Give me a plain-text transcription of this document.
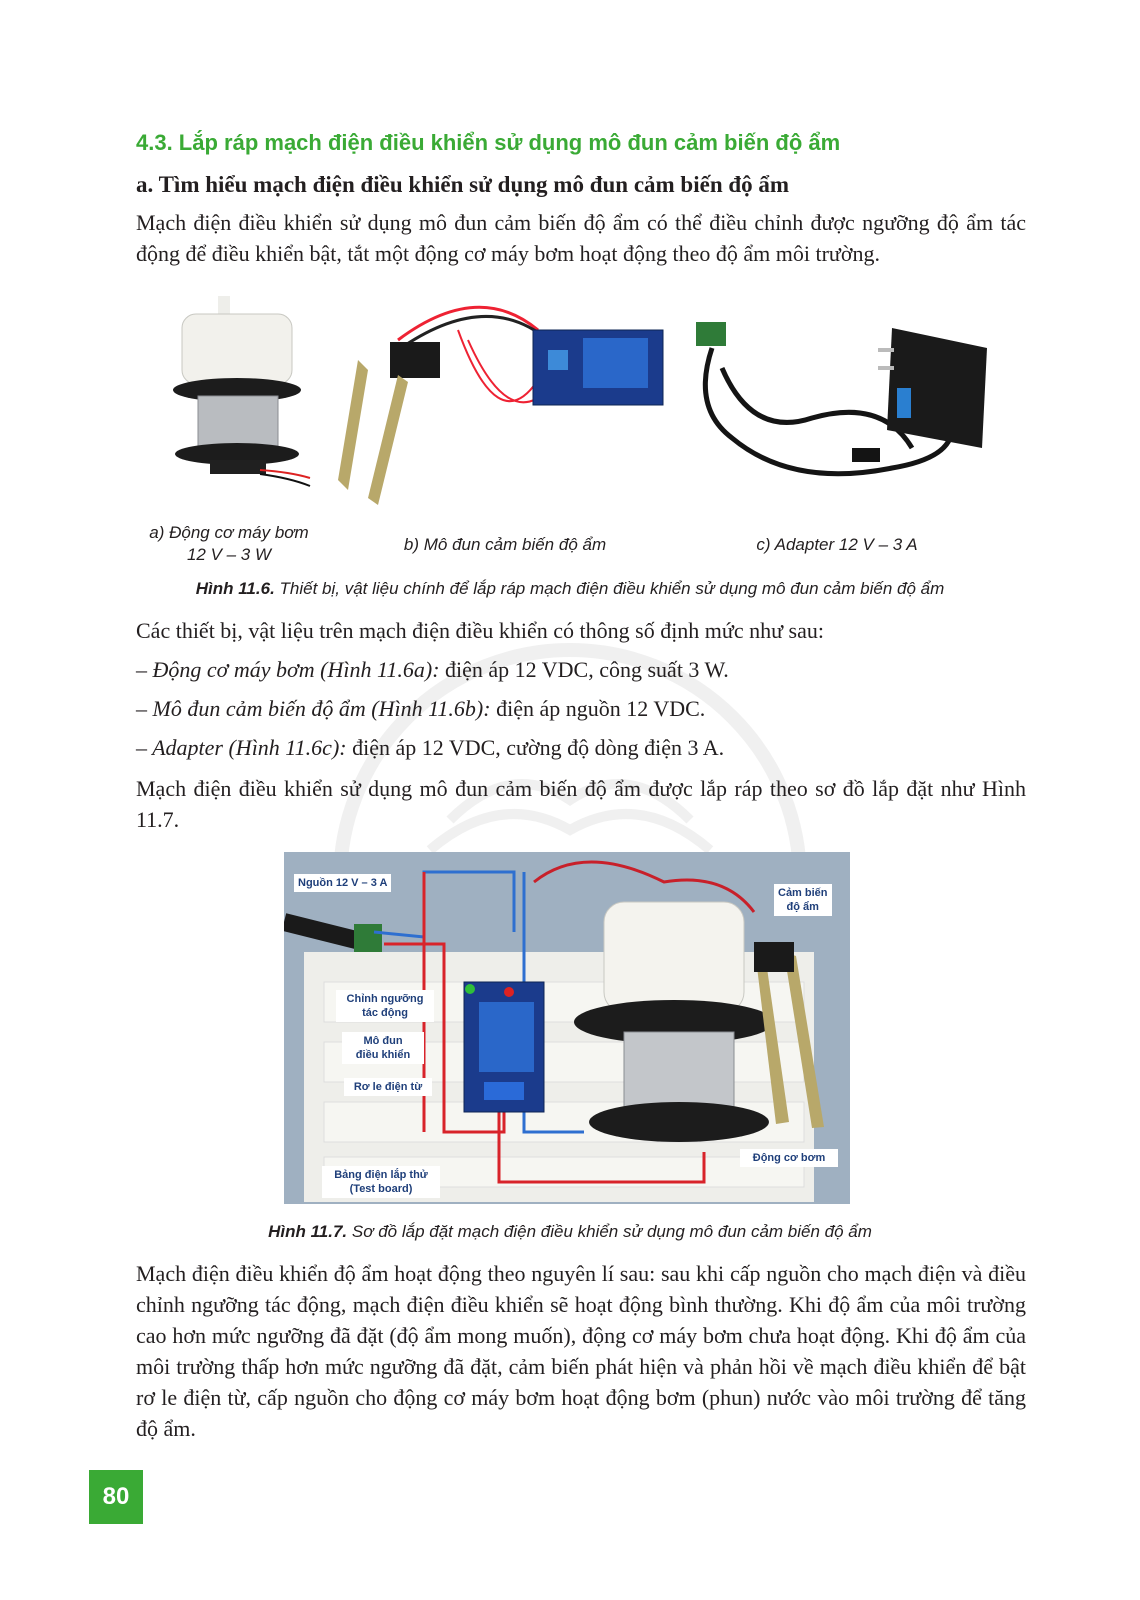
4.3. Lắp ráp mạch điện điều khiển sử dụng mô đun cảm biến độ ẩm
a. Tìm hiểu mạch điện điều khiển sử dụng mô đun cảm biến độ ẩm

Mạch điện điều khiển sử dụng mô đun cảm biến độ ẩm có thể điều chỉnh được ngưỡng độ ẩm tác động để điều khiển bật, tắt một động cơ máy bơm hoạt động theo độ ẩm môi trường.

a) Động cơ máy bơm
12 V – 3 W
b) Mô đun cảm biến độ ẩm	c) Adapter 12 V – 3 A
Hình 11.6. Thiết bị, vật liệu chính để lắp ráp mạch điện điều khiển sử dụng mô đun cảm biến độ ẩm

Các thiết bị, vật liệu trên mạch điện điều khiển có thông số định mức như sau:

– Động cơ máy bơm (Hình 11.6a): điện áp 12 VDC, công suất 3 W.

– Mô đun cảm biến độ ẩm (Hình 11.6b): điện áp nguồn 12 VDC.

– Adapter (Hình 11.6c): điện áp 12 VDC, cường độ dòng điện 3 A.

Mạch điện điều khiển sử dụng mô đun cảm biến độ ẩm được lắp ráp theo sơ đồ lắp đặt như Hình 11.7.

Nguồn 12 V – 3 A
Cảm biến
độ ẩm
Chỉnh ngưỡng
tác động
Mô đun
điều khiển
Rơ le điện từ
Động cơ bơm
Bảng điện lắp thử
(Test board)
Hình 11.7. Sơ đồ lắp đặt mạch điện điều khiển sử dụng mô đun cảm biến độ ẩm

Mạch điện điều khiển độ ẩm hoạt động theo nguyên lí sau: sau khi cấp nguồn cho mạch điện và điều chỉnh ngưỡng tác động, mạch điện điều khiển sẽ hoạt động bình thường. Khi độ ẩm của môi trường cao hơn mức ngưỡng đã đặt (độ ẩm mong muốn), động cơ máy bơm chưa hoạt động. Khi độ ẩm của môi trường thấp hơn mức ngưỡng đã đặt, cảm biến phát hiện và phản hồi về mạch điều khiển để bật rơ le điện từ, cấp nguồn cho động cơ máy bơm hoạt động bơm (phun) nước vào môi trường để tăng độ ẩm.

80
